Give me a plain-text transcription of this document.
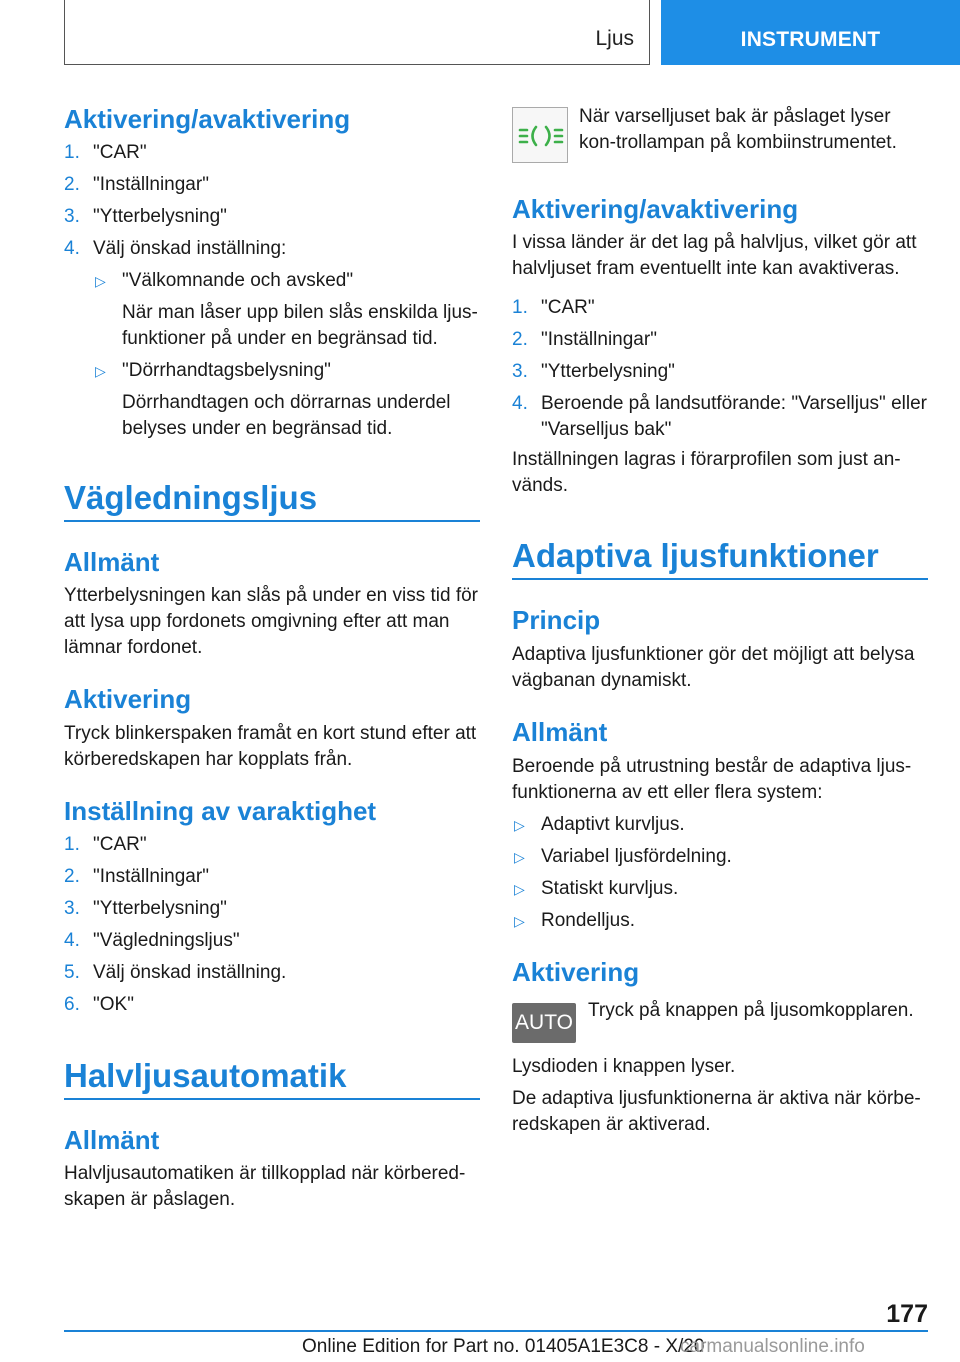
Ljus	INSTRUMENT
Aktivering/avaktivering
1. "CAR"
2. "Inställningar"
3. "Ytterbelysning"
4. Välj önskad inställning:
▷ "Välkomnande och avsked"

När man låser upp bilen slås enskilda ljus-funktioner på under en begränsad tid.

▷ "Dörrhandtagsbelysning"

Dörrhandtagen och dörrarnas underdel belyses under en begränsad tid.

Vägledningsljus
Allmänt

Ytterbelysningen kan slås på under en viss tid för att lysa upp fordonets omgivning efter att man lämnar fordonet.

Aktivering

Tryck blinkerspaken framåt en kort stund efter att körberedskapen har kopplats från.

Inställning av varaktighet
1. "CAR"
2. "Inställningar"
3. "Ytterbelysning"
4. "Vägledningsljus"
5. Välj önskad inställning.
6. "OK"
Halvljusautomatik
Allmänt

Halvljusautomatiken är tillkopplad när körbered-skapen är påslagen.

När varselljuset bak är påslaget lyser kon-trollampan på kombiinstrumentet.

Aktivering/avaktivering

I vissa länder är det lag på halvljus, vilket gör att halvljuset fram eventuellt inte kan avaktiveras.

1. "CAR"
2. "Inställningar"
3. "Ytterbelysning"
4. Beroende på landsutförande: "Varselljus" eller "Varselljus bak"

Inställningen lagras i förarprofilen som just an-vänds.

Adaptiva ljusfunktioner
Princip

Adaptiva ljusfunktioner gör det möjligt att belysa vägbanan dynamiskt.

Allmänt

Beroende på utrustning består de adaptiva ljus-funktionerna av ett eller flera system:

▷ Adaptivt kurvljus.
▷ Variabel ljusfördelning.
▷ Statiskt kurvljus.
▷ Rondelljus.
Aktivering
AUTO

Tryck på knappen på ljusomkopplaren.

Lysdioden i knappen lyser.

De adaptiva ljusfunktionerna är aktiva när körbe-redskapen är aktiverad.

177
Online Edition for Part no. 01405A1E3C8 - X/20
carmanualsonline.info
